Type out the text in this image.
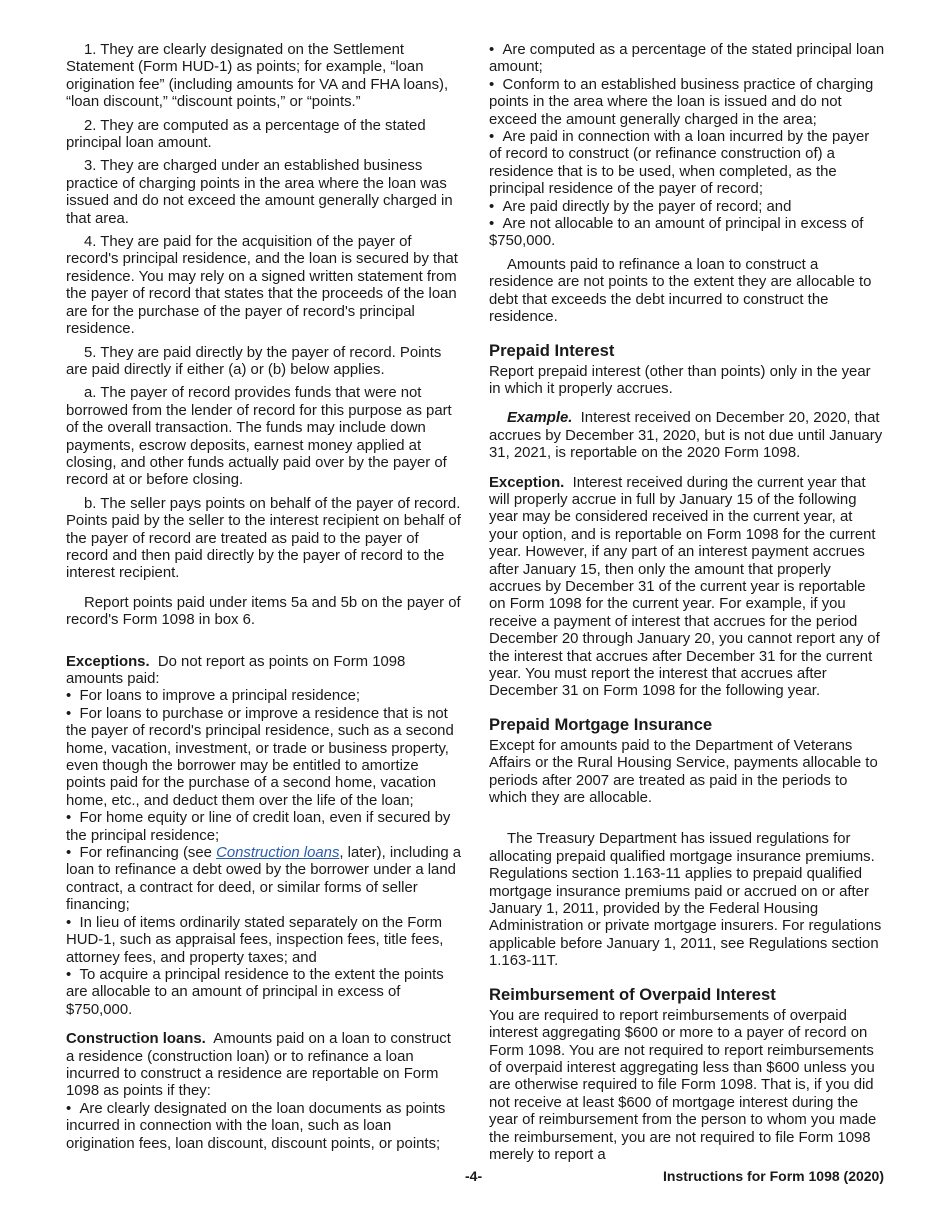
1. They are clearly designated on the Settlement Statement (Form HUD-1) as points; for example, “loan origination fee” (including amounts for VA and FHA loans), “loan discount,” “discount points,” or “points.”

2. They are computed as a percentage of the stated principal loan amount.

3. They are charged under an established business practice of charging points in the area where the loan was issued and do not exceed the amount generally charged in that area.

4. They are paid for the acquisition of the payer of record's principal residence, and the loan is secured by that residence. You may rely on a signed written statement from the payer of record that states that the proceeds of the loan are for the purchase of the payer of record's principal residence.

5. They are paid directly by the payer of record. Points are paid directly if either (a) or (b) below applies.

a. The payer of record provides funds that were not borrowed from the lender of record for this purpose as part of the overall transaction. The funds may include down payments, escrow deposits, earnest money applied at closing, and other funds actually paid over by the payer of record at or before closing.

b. The seller pays points on behalf of the payer of record. Points paid by the seller to the interest recipient on behalf of the payer of record are treated as paid to the payer of record and then paid directly by the payer of record to the interest recipient.

Report points paid under items 5a and 5b on the payer of record's Form 1098 in box 6.

Exceptions. Do not report as points on Form 1098 amounts paid:

•  For loans to improve a principal residence;

•  For loans to purchase or improve a residence that is not the payer of record's principal residence, such as a second home, vacation, investment, or trade or business property, even though the borrower may be entitled to amortize points paid for the purchase of a second home, vacation home, etc., and deduct them over the life of the loan;

•  For home equity or line of credit loan, even if secured by the principal residence;

•  For refinancing (see Construction loans, later), including a loan to refinance a debt owed by the borrower under a land contract, a contract for deed, or similar forms of seller financing;

•  In lieu of items ordinarily stated separately on the Form HUD-1, such as appraisal fees, inspection fees, title fees, attorney fees, and property taxes; and

•  To acquire a principal residence to the extent the points are allocable to an amount of principal in excess of $750,000.

Construction loans. Amounts paid on a loan to construct a residence (construction loan) or to refinance a loan incurred to construct a residence are reportable on Form 1098 as points if they:

•  Are clearly designated on the loan documents as points incurred in connection with the loan, such as loan origination fees, loan discount, discount points, or points;

•  Are computed as a percentage of the stated principal loan amount;

•  Conform to an established business practice of charging points in the area where the loan is issued and do not exceed the amount generally charged in the area;

•  Are paid in connection with a loan incurred by the payer of record to construct (or refinance construction of) a residence that is to be used, when completed, as the principal residence of the payer of record;

•  Are paid directly by the payer of record; and

•  Are not allocable to an amount of principal in excess of $750,000.

Amounts paid to refinance a loan to construct a residence are not points to the extent they are allocable to debt that exceeds the debt incurred to construct the residence.

Prepaid Interest

Report prepaid interest (other than points) only in the year in which it properly accrues.

Example. Interest received on December 20, 2020, that accrues by December 31, 2020, but is not due until January 31, 2021, is reportable on the 2020 Form 1098.

Exception. Interest received during the current year that will properly accrue in full by January 15 of the following year may be considered received in the current year, at your option, and is reportable on Form 1098 for the current year. However, if any part of an interest payment accrues after January 15, then only the amount that properly accrues by December 31 of the current year is reportable on Form 1098 for the current year. For example, if you receive a payment of interest that accrues for the period December 20 through January 20, you cannot report any of the interest that accrues after December 31 for the current year. You must report the interest that accrues after December 31 on Form 1098 for the following year.

Prepaid Mortgage Insurance

Except for amounts paid to the Department of Veterans Affairs or the Rural Housing Service, payments allocable to periods after 2007 are treated as paid in the periods to which they are allocable.

The Treasury Department has issued regulations for allocating prepaid qualified mortgage insurance premiums. Regulations section 1.163-11 applies to prepaid qualified mortgage insurance premiums paid or accrued on or after January 1, 2011, provided by the Federal Housing Administration or private mortgage insurers. For regulations applicable before January 1, 2011, see Regulations section 1.163-11T.

Reimbursement of Overpaid Interest

You are required to report reimbursements of overpaid interest aggregating $600 or more to a payer of record on Form 1098. You are not required to report reimbursements of overpaid interest aggregating less than $600 unless you are otherwise required to file Form 1098. That is, if you did not receive at least $600 of mortgage interest during the year of reimbursement from the person to whom you made the reimbursement, you are not required to file Form 1098 merely to report a

-4-	Instructions for Form 1098 (2020)
